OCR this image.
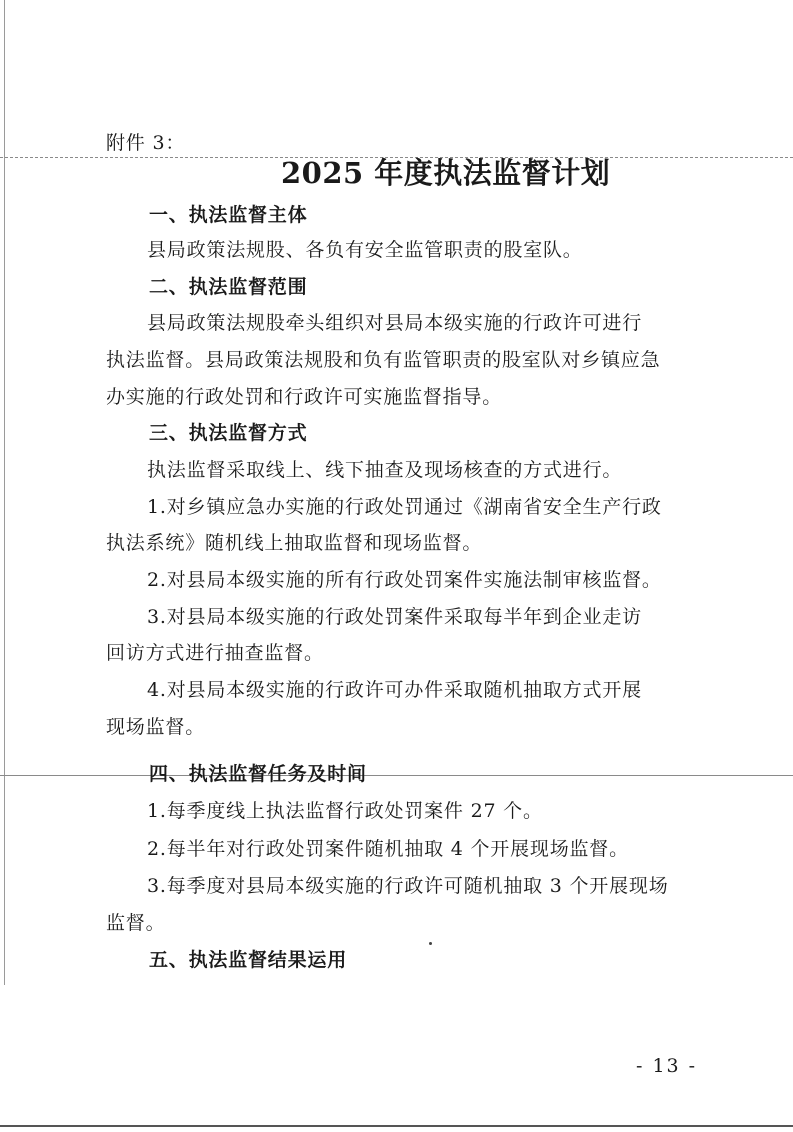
附件 3：
2025 年度执法监督计划
一、执法监督主体
县局政策法规股、各负有安全监管职责的股室队。
二、执法监督范围
县局政策法规股牵头组织对县局本级实施的行政许可进行
执法监督。县局政策法规股和负有监管职责的股室队对乡镇应急
办实施的行政处罚和行政许可实施监督指导。
三、执法监督方式
执法监督采取线上、线下抽查及现场核查的方式进行。
1.对乡镇应急办实施的行政处罚通过《湖南省安全生产行政
执法系统》随机线上抽取监督和现场监督。
2.对县局本级实施的所有行政处罚案件实施法制审核监督。
3.对县局本级实施的行政处罚案件采取每半年到企业走访
回访方式进行抽查监督。
4.对县局本级实施的行政许可办件采取随机抽取方式开展
现场监督。
四、执法监督任务及时间
1.每季度线上执法监督行政处罚案件 27 个。
2.每半年对行政处罚案件随机抽取 4 个开展现场监督。
3.每季度对县局本级实施的行政许可随机抽取 3 个开展现场
监督。
五、执法监督结果运用
- 13 -
